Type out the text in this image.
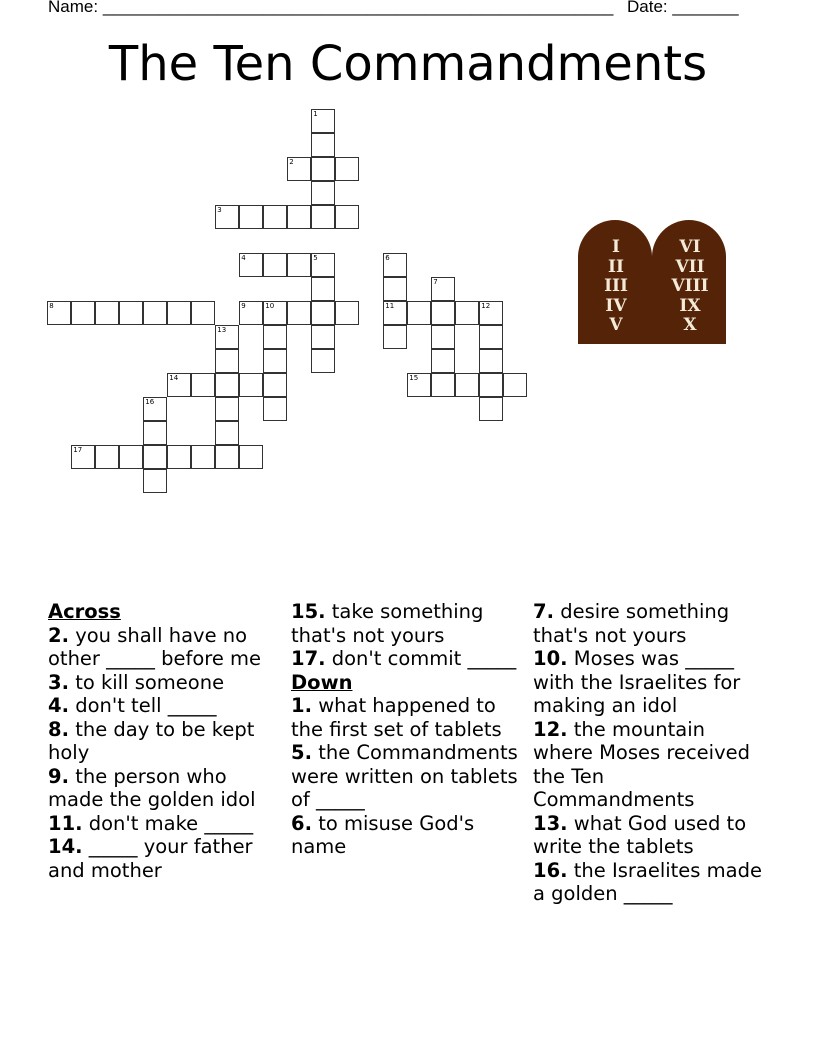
Name: ______________________________________________________ Date: _______
The Ten Commandments
1
2
3
4	5	6
11
7
8	9	10	12
13
14	15
16
17
I
II
III
IV
V
VI
VII
VIII
IX
X
Across
2. you shall have no other _____ before me
3. to kill someone
4. don't tell _____
8. the day to be kept holy
9. the person who made the golden idol
11. don't make _____
14. _____ your father and mother
15. take something that's not yours
17. don't commit _____
Down
1. what happened to the first set of tablets
5. the Commandments were written on tablets of _____
6. to misuse God's name
7. desire something that's not yours
10. Moses was _____ with the Israelites for making an idol
12. the mountain where Moses received the Ten Commandments
13. what God used to write the tablets
16. the Israelites made a golden _____
